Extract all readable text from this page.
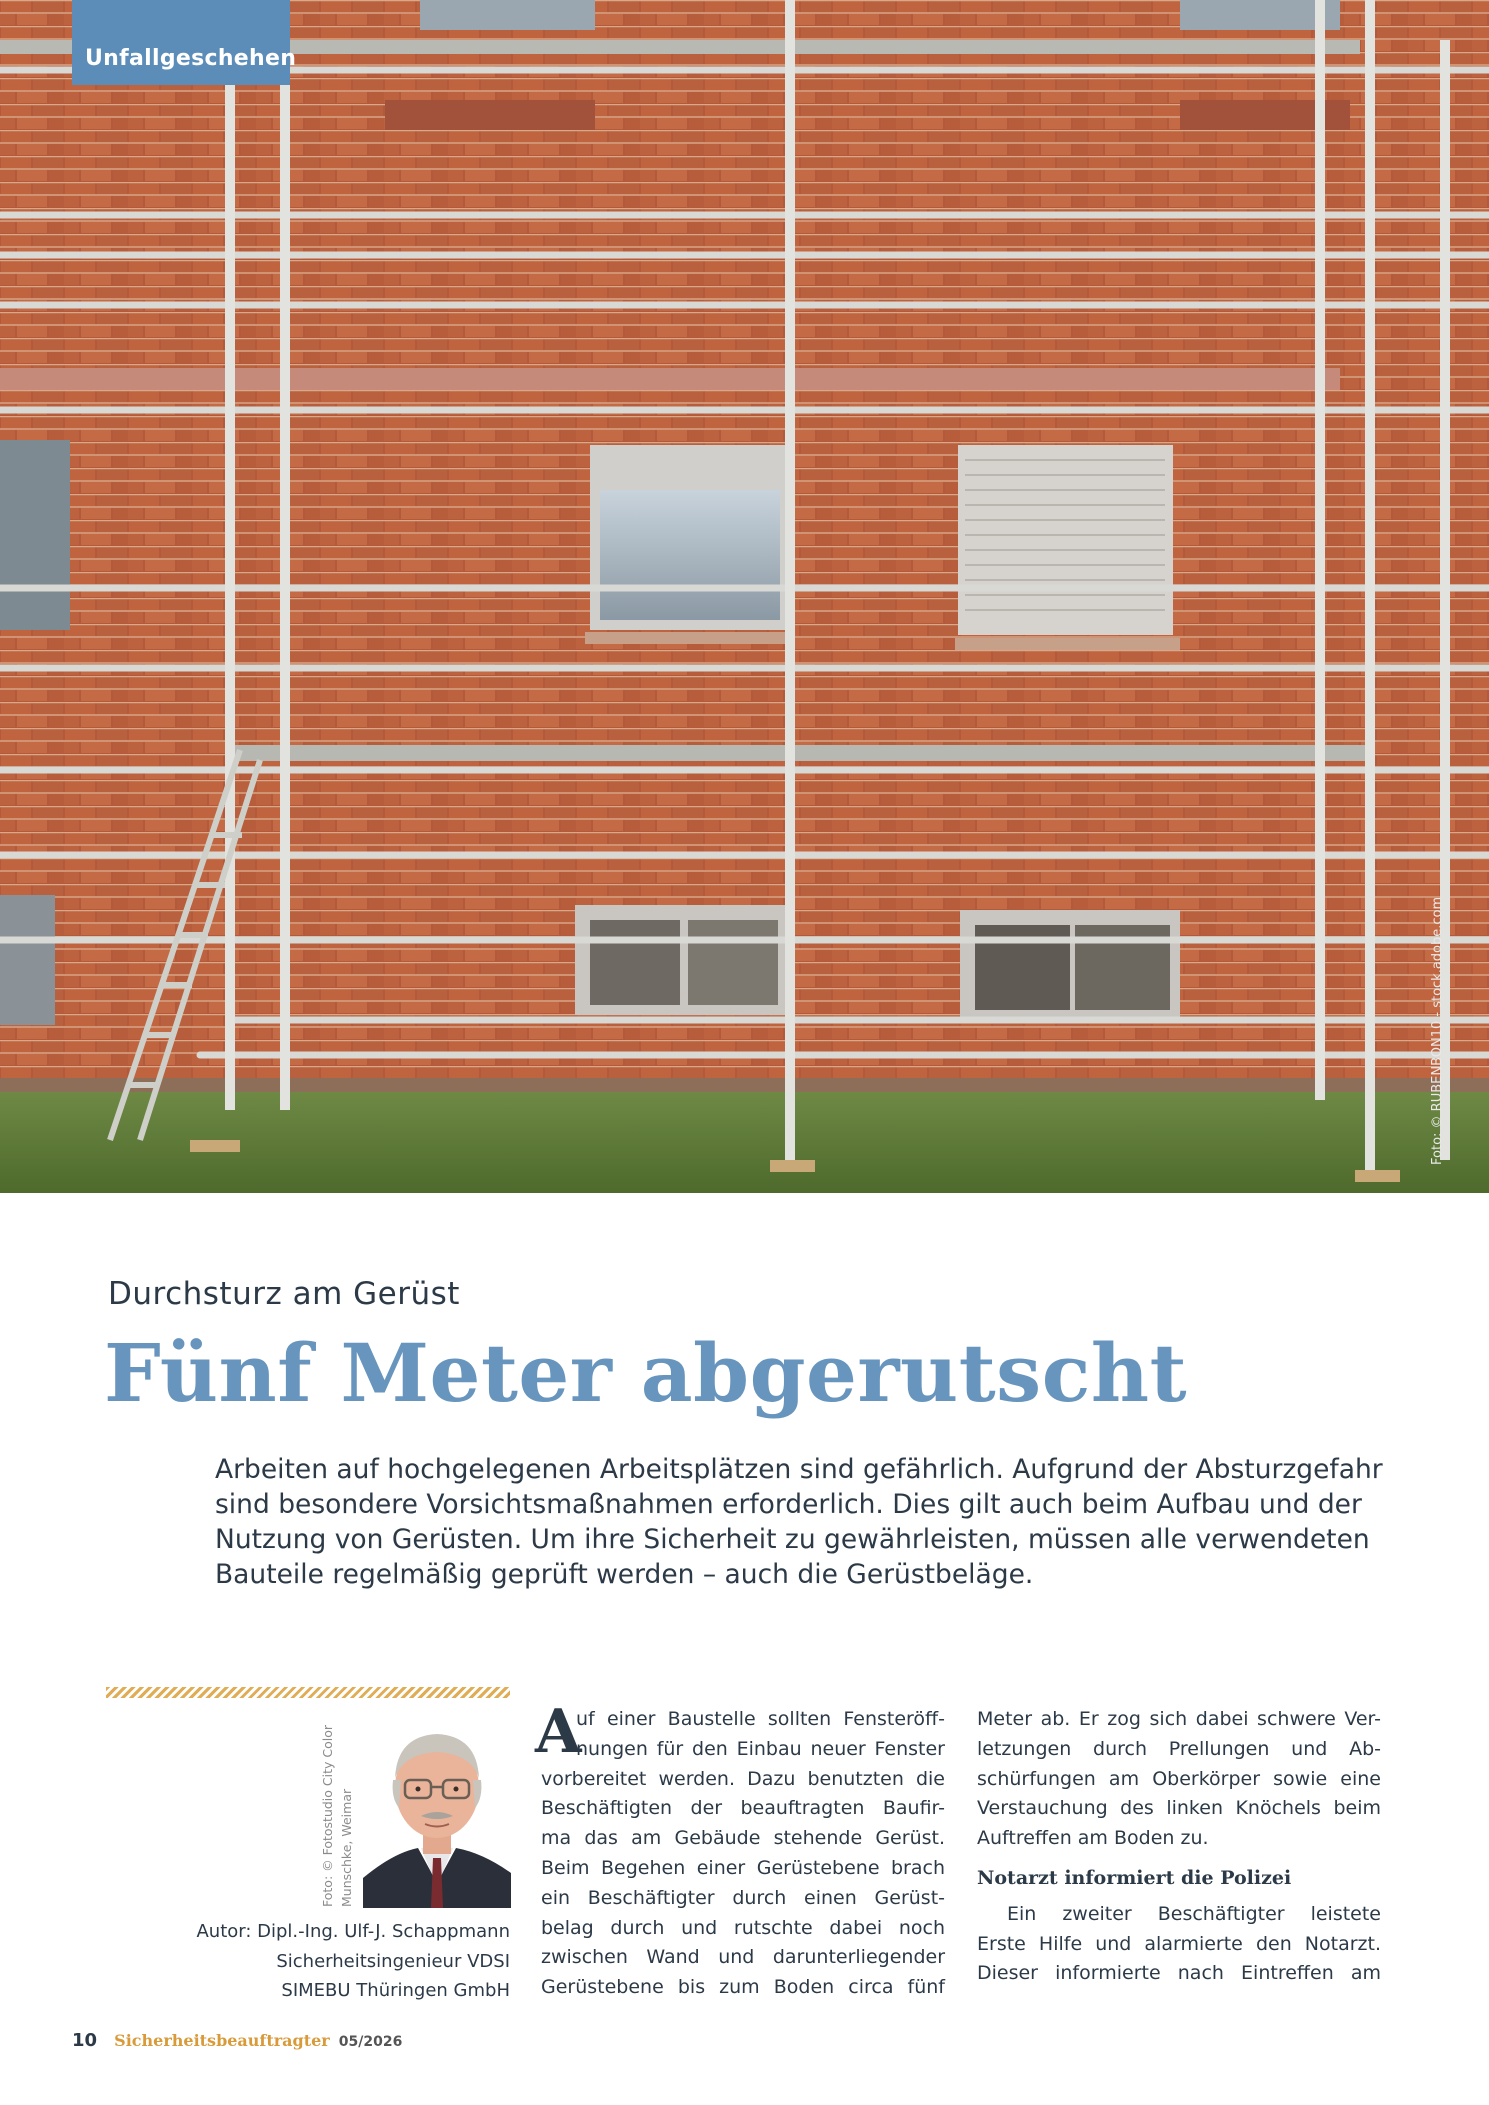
Unfallgeschehen
Foto: © RUBENBON10 - stock.adobe.com
Durchsturz am Gerüst
Fünf Meter abgerutscht
Arbeiten auf hochgelegenen Arbeitsplätzen sind gefährlich. Aufgrund der Absturzgefahr
sind besondere Vorsichtsmaßnahmen erforderlich. Dies gilt auch beim Aufbau und der
Nutzung von Gerüsten. Um ihre Sicherheit zu gewährleisten, müssen alle verwendeten
Bauteile regelmäßig geprüft werden – auch die Gerüstbeläge.
Foto: © Fotostudio City Color Munschke, Weimar
Autor: Dipl.-Ing. Ulf-J. Schappmann
Sicherheitsingenieur VDSI
SIMEBU Thüringen GmbH
A
uf einer Baustelle sollten Fensteröff-
nungen für den Einbau neuer Fenster
vorbereitet werden. Dazu benutzten die
Beschäftigten der beauftragten Baufir-
ma das am Gebäude stehende Gerüst.
Beim Begehen einer Gerüstebene brach
ein Beschäftigter durch einen Gerüst-
belag durch und rutschte dabei noch
zwischen Wand und darunterliegender
Gerüstebene bis zum Boden circa fünf
Meter ab. Er zog sich dabei schwere Ver-
letzungen durch Prellungen und Ab-
schürfungen am Oberkörper sowie eine
Verstauchung des linken Knöchels beim
Auftreffen am Boden zu.
Notarzt informiert die Polizei
Ein zweiter Beschäftigter leistete
Erste Hilfe und alarmierte den Notarzt.
Dieser informierte nach Eintreffen am
10 Sicherheitsbeauftragter 05/2026
